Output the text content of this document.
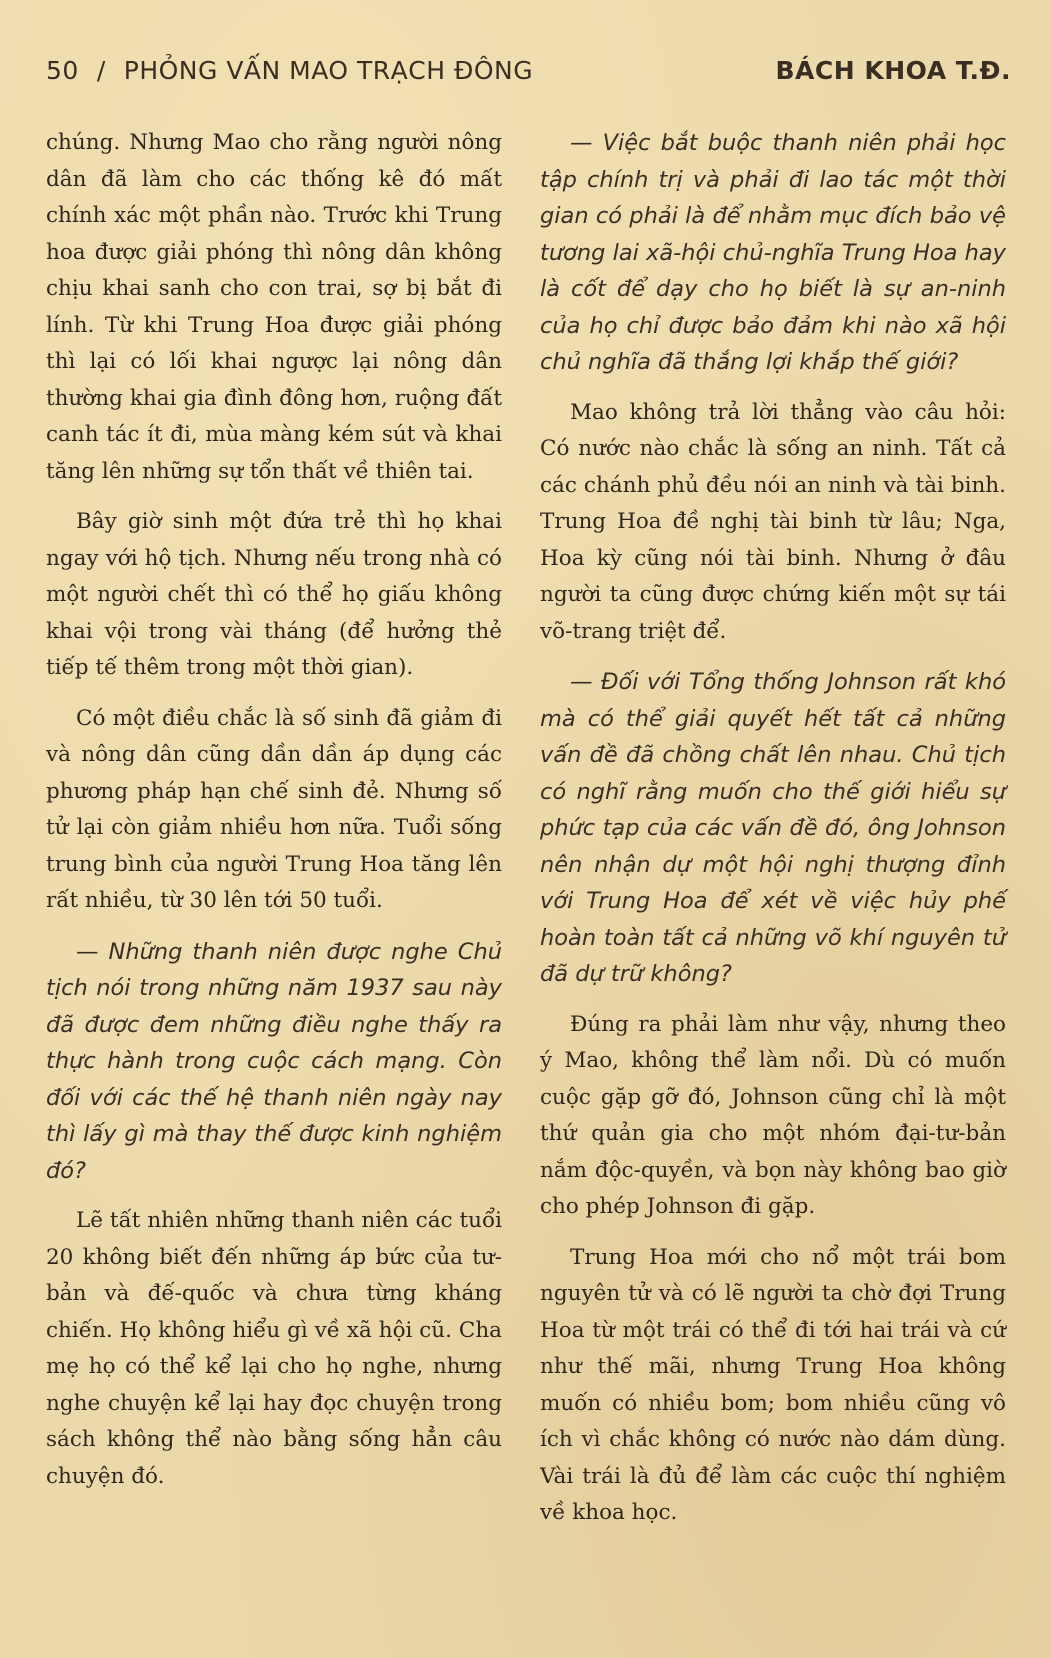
50 / PHỎNG VẤN MAO TRẠCH ĐÔNG	BÁCH KHOA T.Đ.

chúng. Nhưng Mao cho rằng người nông dân đã làm cho các thống kê đó mất chính xác một phần nào. Trước khi Trung hoa được giải phóng thì nông dân không chịu khai sanh cho con trai, sợ bị bắt đi lính. Từ khi Trung Hoa được giải phóng thì lại có lối khai ngược lại nông dân thường khai gia đình đông hơn, ruộng đất canh tác ít đi, mùa màng kém sút và khai tăng lên những sự tổn thất về thiên tai.

Bây giờ sinh một đứa trẻ thì họ khai ngay với hộ tịch. Nhưng nếu trong nhà có một người chết thì có thể họ giấu không khai vội trong vài tháng (để hưởng thẻ tiếp tế thêm trong một thời gian).

Có một điều chắc là số sinh đã giảm đi và nông dân cũng dần dần áp dụng các phương pháp hạn chế sinh đẻ. Nhưng số tử lại còn giảm nhiều hơn nữa. Tuổi sống trung bình của người Trung Hoa tăng lên rất nhiều, từ 30 lên tới 50 tuổi.

— Những thanh niên được nghe Chủ tịch nói trong những năm 1937 sau này đã được đem những điều nghe thấy ra thực hành trong cuộc cách mạng. Còn đối với các thế hệ thanh niên ngày nay thì lấy gì mà thay thế được kinh nghiệm đó?

Lẽ tất nhiên những thanh niên các tuổi 20 không biết đến những áp bức của tư-bản và đế-quốc và chưa từng kháng chiến. Họ không hiểu gì về xã hội cũ. Cha mẹ họ có thể kể lại cho họ nghe, nhưng nghe chuyện kể lại hay đọc chuyện trong sách không thể nào bằng sống hẳn câu chuyện đó.

— Việc bắt buộc thanh niên phải học tập chính trị và phải đi lao tác một thời gian có phải là để nhằm mục đích bảo vệ tương lai xã-hội chủ-nghĩa Trung Hoa hay là cốt để dạy cho họ biết là sự an-ninh của họ chỉ được bảo đảm khi nào xã hội chủ nghĩa đã thắng lợi khắp thế giới?

Mao không trả lời thẳng vào câu hỏi: Có nước nào chắc là sống an ninh. Tất cả các chánh phủ đều nói an ninh và tài binh. Trung Hoa đề nghị tài binh từ lâu; Nga, Hoa kỳ cũng nói tài binh. Nhưng ở đâu người ta cũng được chứng kiến một sự tái võ-trang triệt để.

— Đối với Tổng thống Johnson rất khó mà có thể giải quyết hết tất cả những vấn đề đã chồng chất lên nhau. Chủ tịch có nghĩ rằng muốn cho thế giới hiểu sự phức tạp của các vấn đề đó, ông Johnson nên nhận dự một hội nghị thượng đỉnh với Trung Hoa để xét về việc hủy phế hoàn toàn tất cả những võ khí nguyên tử đã dự trữ không?

Đúng ra phải làm như vậy, nhưng theo ý Mao, không thể làm nổi. Dù có muốn cuộc gặp gỡ đó, Johnson cũng chỉ là một thứ quản gia cho một nhóm đại-tư-bản nắm độc-quyền, và bọn này không bao giờ cho phép Johnson đi gặp.

Trung Hoa mới cho nổ một trái bom nguyên tử và có lẽ người ta chờ đợi Trung Hoa từ một trái có thể đi tới hai trái và cứ như thế mãi, nhưng Trung Hoa không muốn có nhiều bom; bom nhiều cũng vô ích vì chắc không có nước nào dám dùng. Vài trái là đủ để làm các cuộc thí nghiệm về khoa học.
